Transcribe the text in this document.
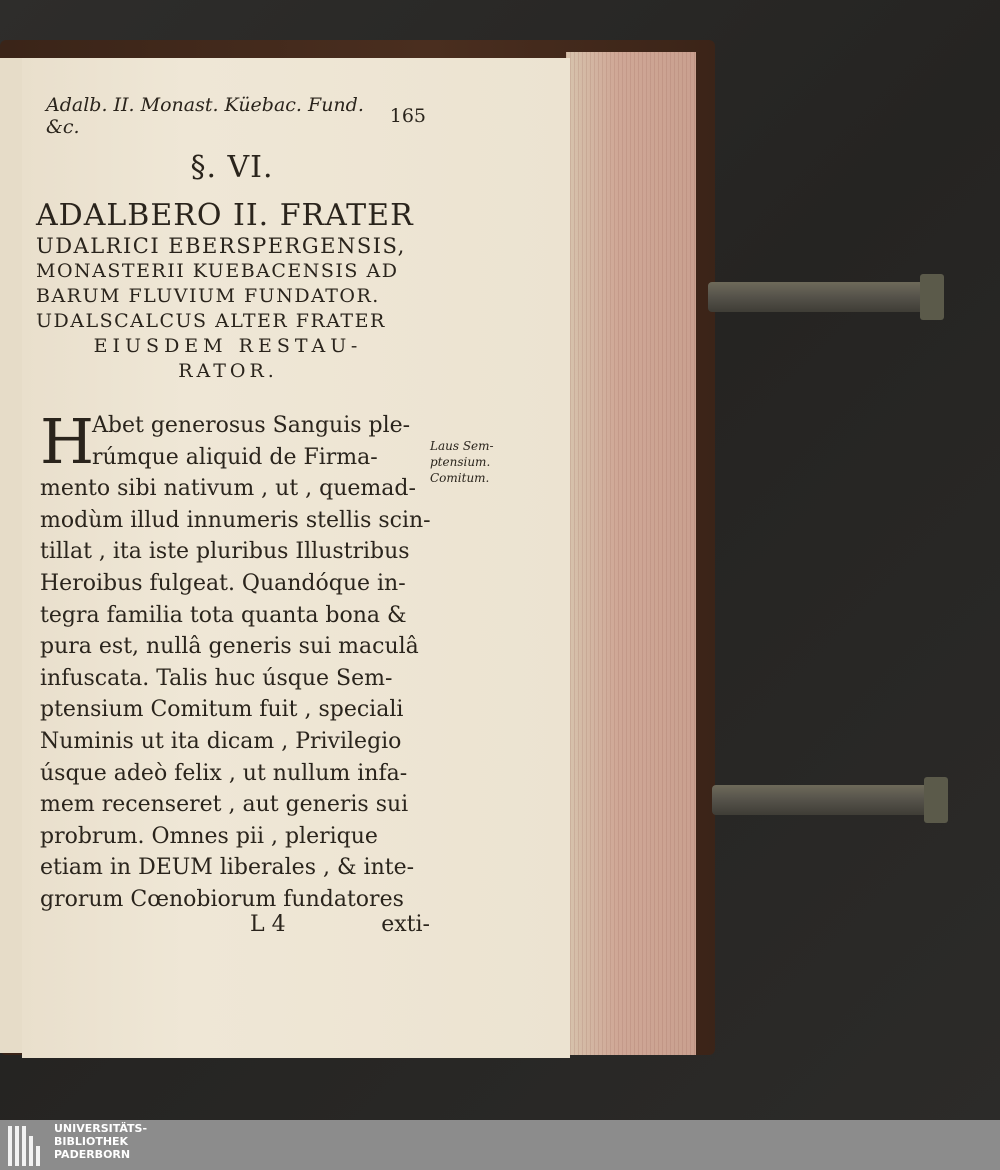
Adalb. II. Monast. Küebac. Fund. &c.	165
§. VI.
ADALBERO II. FRATER
UDALRICI EBERSPERGENSIS,
MONASTERII KUEBACENSIS AD
BARUM FLUVIUM FUNDATOR.
UDALSCALCUS ALTER FRATER
EIUSDEM RESTAU-
RATOR.
H
Abet generosus Sanguis ple-
rúmque aliquid de Firma-
mento sibi nativum , ut , quemad-
modùm illud innumeris stellis scin-
tillat , ita iste pluribus Illustribus
Heroibus fulgeat. Quandóque in-
tegra familia tota quanta bona &
pura est, nullâ generis sui maculâ
infuscata. Talis huc úsque Sem-
ptensium Comitum fuit , speciali
Numinis ut ita dicam , Privilegio
úsque adeò felix , ut nullum infa-
mem recenseret , aut generis sui
probrum. Omnes pii , plerique
etiam in DEUM liberales , & inte-
grorum Cœnobiorum fundatores
Laus Sem-
ptensium.
Comitum.
L 4	exti-
UNIVERSITÄTS-
BIBLIOTHEK
PADERBORN
